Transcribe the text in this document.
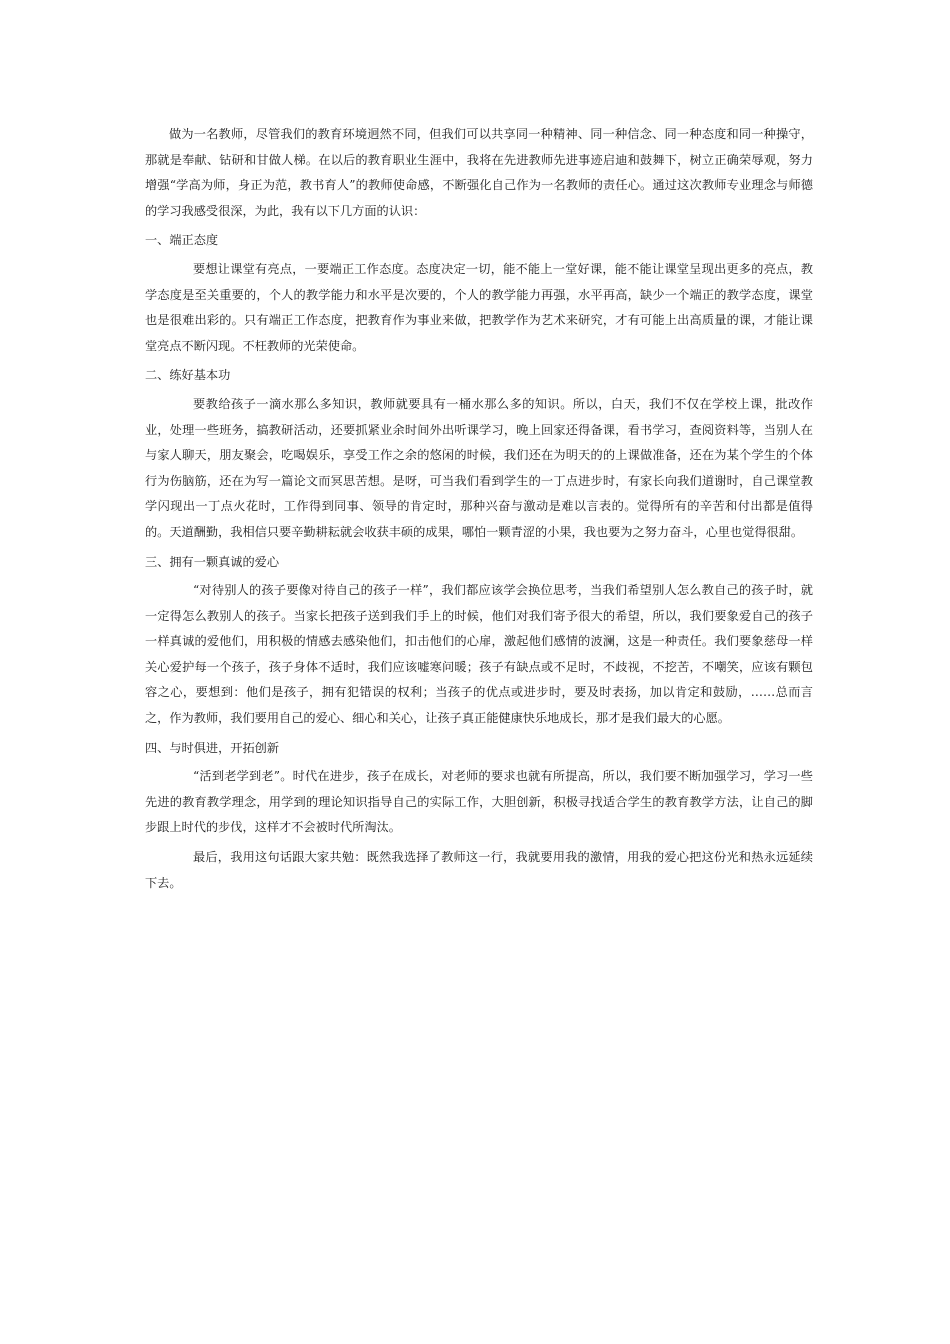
做为一名教师，尽管我们的教育环境迥然不同，但我们可以共享同一种精神、同一种信念、同一种态度和同一种操守，那就是奉献、钻研和甘做人梯。在以后的教育职业生涯中，我将在先进教师先进事迹启迪和鼓舞下，树立正确荣辱观，努力增强“学高为师，身正为范，教书育人”的教师使命感，不断强化自己作为一名教师的责任心。通过这次教师专业理念与师德的学习我感受很深，为此，我有以下几方面的认识：

一、端正态度

要想让课堂有亮点，一要端正工作态度。态度决定一切，能不能上一堂好课，能不能让课堂呈现出更多的亮点，教学态度是至关重要的，个人的教学能力和水平是次要的，个人的教学能力再强，水平再高，缺少一个端正的教学态度，课堂也是很难出彩的。只有端正工作态度，把教育作为事业来做，把教学作为艺术来研究，才有可能上出高质量的课，才能让课堂亮点不断闪现。不枉教师的光荣使命。

二、练好基本功

要教给孩子一滴水那么多知识，教师就要具有一桶水那么多的知识。所以，白天，我们不仅在学校上课，批改作业，处理一些班务，搞教研活动，还要抓紧业余时间外出听课学习，晚上回家还得备课，看书学习，查阅资料等，当别人在与家人聊天，朋友聚会，吃喝娱乐，享受工作之余的悠闲的时候，我们还在为明天的的上课做准备，还在为某个学生的个体行为伤脑筋，还在为写一篇论文而冥思苦想。是呀，可当我们看到学生的一丁点进步时，有家长向我们道谢时，自己课堂教学闪现出一丁点火花时，工作得到同事、领导的肯定时，那种兴奋与激动是难以言表的。觉得所有的辛苦和付出都是值得的。天道酬勤，我相信只要辛勤耕耘就会收获丰硕的成果，哪怕一颗青涩的小果，我也要为之努力奋斗，心里也觉得很甜。

三、拥有一颗真诚的爱心

“对待别人的孩子要像对待自己的孩子一样”，我们都应该学会换位思考，当我们希望别人怎么教自己的孩子时，就一定得怎么教别人的孩子。当家长把孩子送到我们手上的时候，他们对我们寄予很大的希望，所以，我们要象爱自己的孩子一样真诚的爱他们，用积极的情感去感染他们，扣击他们的心扉，激起他们感情的波澜，这是一种责任。我们要象慈母一样关心爱护每一个孩子，孩子身体不适时，我们应该嘘寒问暖；孩子有缺点或不足时，不歧视，不挖苦，不嘲笑，应该有颗包容之心，要想到：他们是孩子，拥有犯错误的权利；当孩子的优点或进步时，要及时表扬，加以肯定和鼓励，……总而言之，作为教师，我们要用自己的爱心、细心和关心，让孩子真正能健康快乐地成长，那才是我们最大的心愿。

四、与时俱进，开拓创新

“活到老学到老”。时代在进步，孩子在成长，对老师的要求也就有所提高，所以，我们要不断加强学习，学习一些先进的教育教学理念，用学到的理论知识指导自己的实际工作，大胆创新，积极寻找适合学生的教育教学方法，让自己的脚步跟上时代的步伐，这样才不会被时代所淘汰。

最后，我用这句话跟大家共勉：既然我选择了教师这一行，我就要用我的激情，用我的爱心把这份光和热永远延续下去。
